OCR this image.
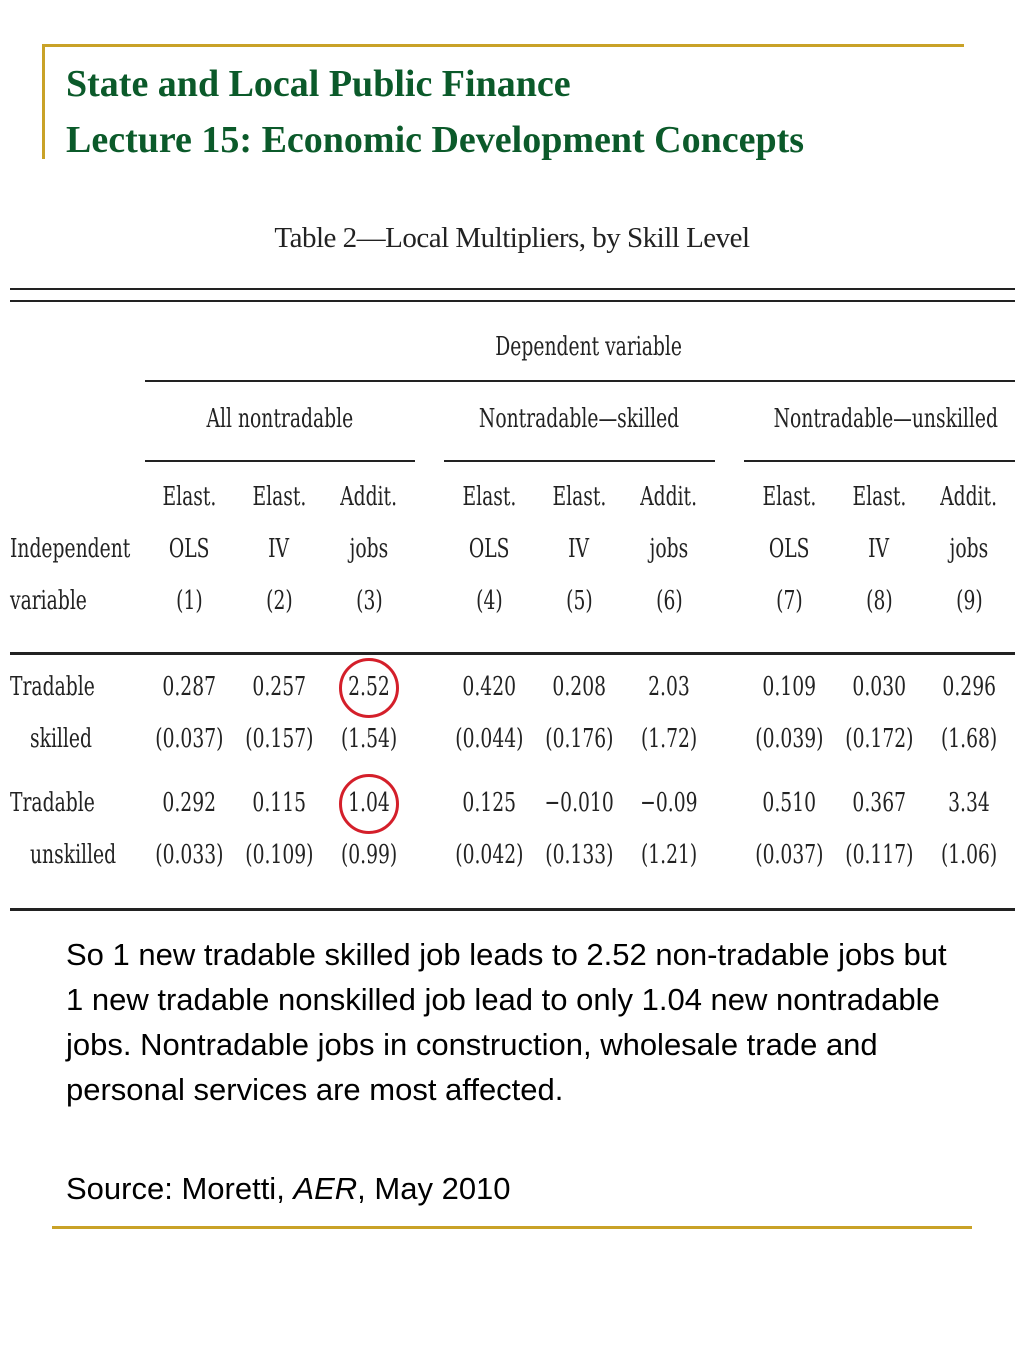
State and Local Public Finance
Lecture 15: Economic Development Concepts
Table 2—Local Multipliers, by Skill Level
Dependent variable
All nontradable	Nontradable—skilled	Nontradable—unskilled
Independent
variable
Elast.
OLS
(1)
Elast.
IV
(2)
Addit.
jobs
(3)
Elast.
OLS
(4)
Elast.
IV
(5)
Addit.
jobs
(6)
Elast.
OLS
(7)
Elast.
IV
(8)
Addit.
jobs
(9)
Tradable
skilled
0.287
(0.037)
0.257
(0.157)
2.52
(1.54)
0.420
(0.044)
0.208
(0.176)
2.03
(1.72)
0.109
(0.039)
0.030
(0.172)
0.296
(1.68)
Tradable
unskilled
0.292
(0.033)
0.115
(0.109)
1.04
(0.99)
0.125
(0.042)
−0.010
(0.133)
−0.09
(1.21)
0.510
(0.037)
0.367
(0.117)
3.34
(1.06)
So 1 new tradable skilled job leads to 2.52 non-tradable jobs but 1 new tradable nonskilled job lead to only 1.04 new nontradable jobs. Nontradable jobs in construction, wholesale trade and personal services are most affected.
Source: Moretti, AER, May 2010
